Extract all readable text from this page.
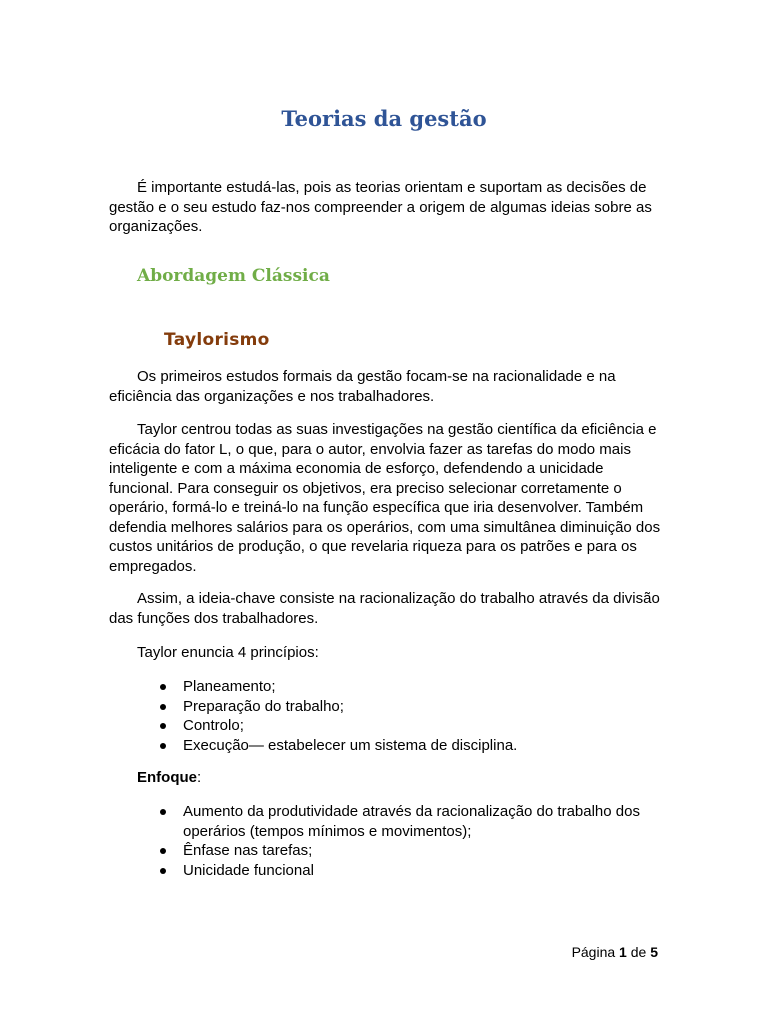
Teorias da gestão

É importante estudá-las, pois as teorias orientam e suportam as decisões de gestão e o seu estudo faz-nos compreender a origem de algumas ideias sobre as organizações.

Abordagem Clássica
Taylorismo

Os primeiros estudos formais da gestão focam-se na racionalidade e na eficiência das organizações e nos trabalhadores.

Taylor centrou todas as suas investigações na gestão científica da eficiência e eficácia do fator L, o que, para o autor, envolvia fazer as tarefas do modo mais inteligente e com a máxima economia de esforço, defendendo a unicidade funcional. Para conseguir os objetivos, era preciso selecionar corretamente o operário, formá-lo e treiná-lo na função específica que iria desenvolver. Também defendia melhores salários para os operários, com uma simultânea diminuição dos custos unitários de produção, o que revelaria riqueza para os patrões e para os empregados.

Assim, a ideia-chave consiste na racionalização do trabalho através da divisão das funções dos trabalhadores.

Taylor enuncia 4 princípios:

Planeamento;
Preparação do trabalho;
Controlo;
Execução— estabelecer um sistema de disciplina.

Enfoque:

Aumento da produtividade através da racionalização do trabalho dos operários (tempos mínimos e movimentos);
Ênfase nas tarefas;
Unicidade funcional
Página 1 de 5
